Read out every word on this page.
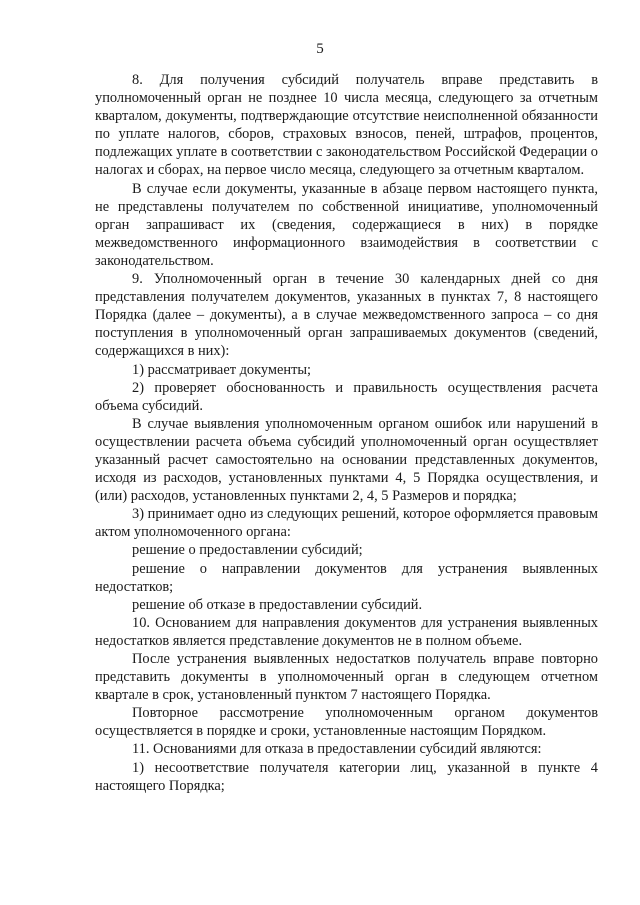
5

8. Для получения субсидий получатель вправе представить в уполномоченный орган не позднее 10 числа месяца, следующего за отчетным кварталом, документы, подтверждающие отсутствие неисполненной обязанности по уплате налогов, сборов, страховых взносов, пеней, штрафов, процентов, подлежащих уплате в соответствии с законодательством Российской Федерации о налогах и сборах, на первое число месяца, следующего за отчетным кварталом.

В случае если документы, указанные в абзаце первом настоящего пункта, не представлены получателем по собственной инициативе, уполномоченный орган запрашиваст их (сведения, содержащиеся в них) в порядке межведомственного информационного взаимодействия в соответствии с законодательством.

9. Уполномоченный орган в течение 30 календарных дней со дня представления получателем документов, указанных в пунктах 7, 8 настоящего Порядка (далее – документы), а в случае межведомственного запроса – со дня поступления в уполномоченный орган запрашиваемых документов (сведений, содержащихся в них):

1) рассматривает документы;

2) проверяет обоснованность и правильность осуществления расчета объема субсидий.

В случае выявления уполномоченным органом ошибок или нарушений в осуществлении расчета объема субсидий уполномоченный орган осуществляет указанный расчет самостоятельно на основании представленных документов, исходя из расходов, установленных пунктами 4, 5 Порядка осуществления, и (или) расходов, установленных пунктами 2, 4, 5 Размеров и порядка;

3) принимает одно из следующих решений, которое оформляется правовым актом уполномоченного органа:

решение о предоставлении субсидий;

решение о направлении документов для устранения выявленных недостатков;

решение об отказе в предоставлении субсидий.

10. Основанием для направления документов для устранения выявленных недостатков является представление документов не в полном объеме.

После устранения выявленных недостатков получатель вправе повторно представить документы в уполномоченный орган в следующем отчетном квартале в срок, установленный пунктом 7 настоящего Порядка.

Повторное рассмотрение уполномоченным органом документов осуществляется в порядке и сроки, установленные настоящим Порядком.

11. Основаниями для отказа в предоставлении субсидий являются:

1) несоответствие получателя категории лиц, указанной в пункте 4 настоящего Порядка;
